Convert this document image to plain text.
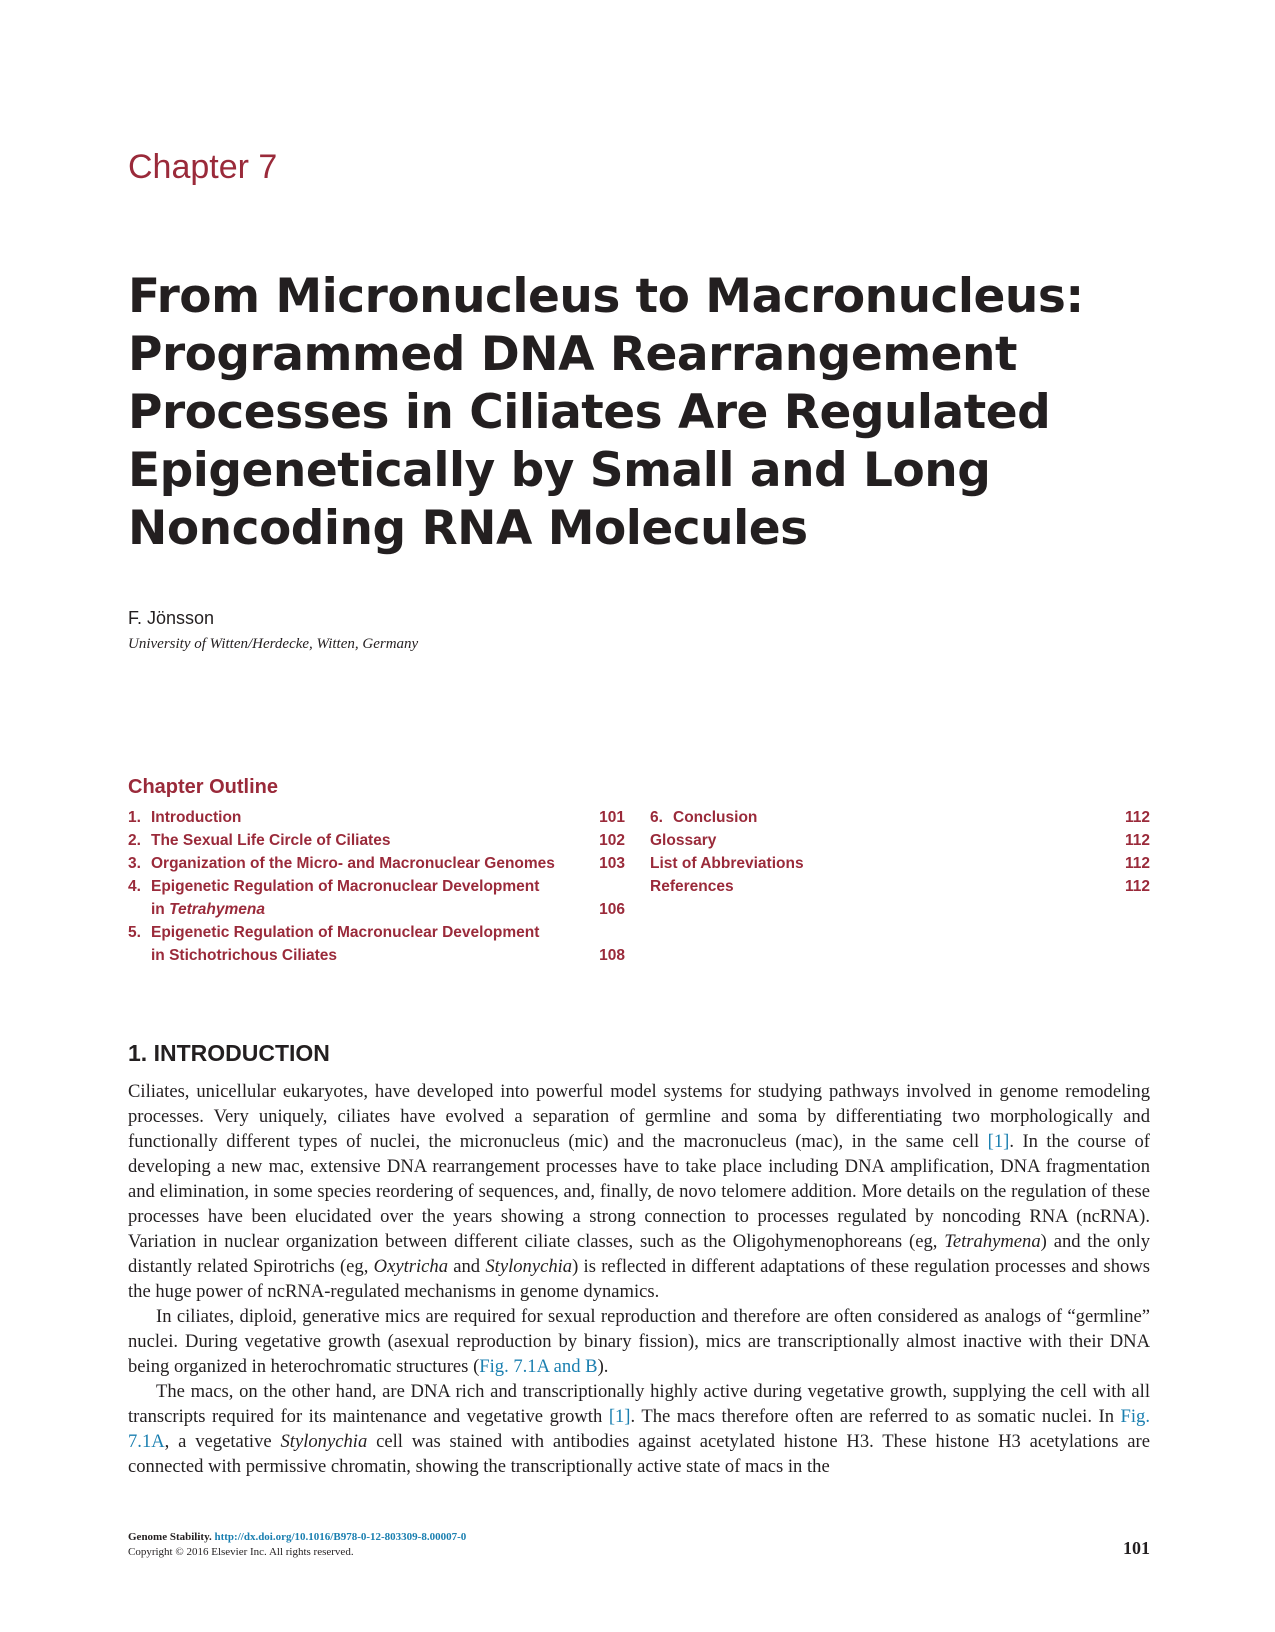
Chapter 7
From Micronucleus to Macronucleus:
Programmed DNA Rearrangement
Processes in Ciliates Are Regulated
Epigenetically by Small and Long
Noncoding RNA Molecules
F. Jönsson
University of Witten/Herdecke, Witten, Germany
Chapter Outline
1. Introduction	101
2. The Sexual Life Circle of Ciliates	102
3. Organization of the Micro- and Macronuclear Genomes	103
4. Epigenetic Regulation of Macronuclear Development
in Tetrahymena	106
5. Epigenetic Regulation of Macronuclear Development
in Stichotrichous Ciliates	108
6. Conclusion	112
Glossary	112
List of Abbreviations	112
References	112
1. INTRODUCTION

Ciliates, unicellular eukaryotes, have developed into powerful model systems for studying pathways involved in genome remodeling processes. Very uniquely, ciliates have evolved a separation of germline and soma by differentiating two morphologically and functionally different types of nuclei, the micronucleus (mic) and the macronucleus (mac), in the same cell [1]. In the course of developing a new mac, extensive DNA rearrangement processes have to take place including DNA amplification, DNA fragmentation and elimination, in some species reordering of sequences, and, finally, de novo telomere addition. More details on the regulation of these processes have been elucidated over the years showing a strong connection to processes regulated by noncoding RNA (ncRNA). Variation in nuclear organization between different ciliate classes, such as the Oligohymenophoreans (eg, Tetrahymena) and the only distantly related Spirotrichs (eg, Oxytricha and Stylonychia) is reflected in different adaptations of these regulation processes and shows the huge power of ncRNA-regulated mechanisms in genome dynamics.

In ciliates, diploid, generative mics are required for sexual reproduction and therefore are often considered as analogs of “germline” nuclei. During vegetative growth (asexual reproduction by binary fission), mics are transcriptionally almost inactive with their DNA being organized in heterochromatic structures (Fig. 7.1A and B).

The macs, on the other hand, are DNA rich and transcriptionally highly active during vegetative growth, supplying the cell with all transcripts required for its maintenance and vegetative growth [1]. The macs therefore often are referred to as somatic nuclei. In Fig. 7.1A, a vegetative Stylonychia cell was stained with antibodies against acetylated histone H3. These histone H3 acetylations are connected with permissive chromatin, showing the transcriptionally active state of macs in the

Genome Stability. http://dx.doi.org/10.1016/B978-0-12-803309-8.00007-0
Copyright © 2016 Elsevier Inc. All rights reserved.	101
